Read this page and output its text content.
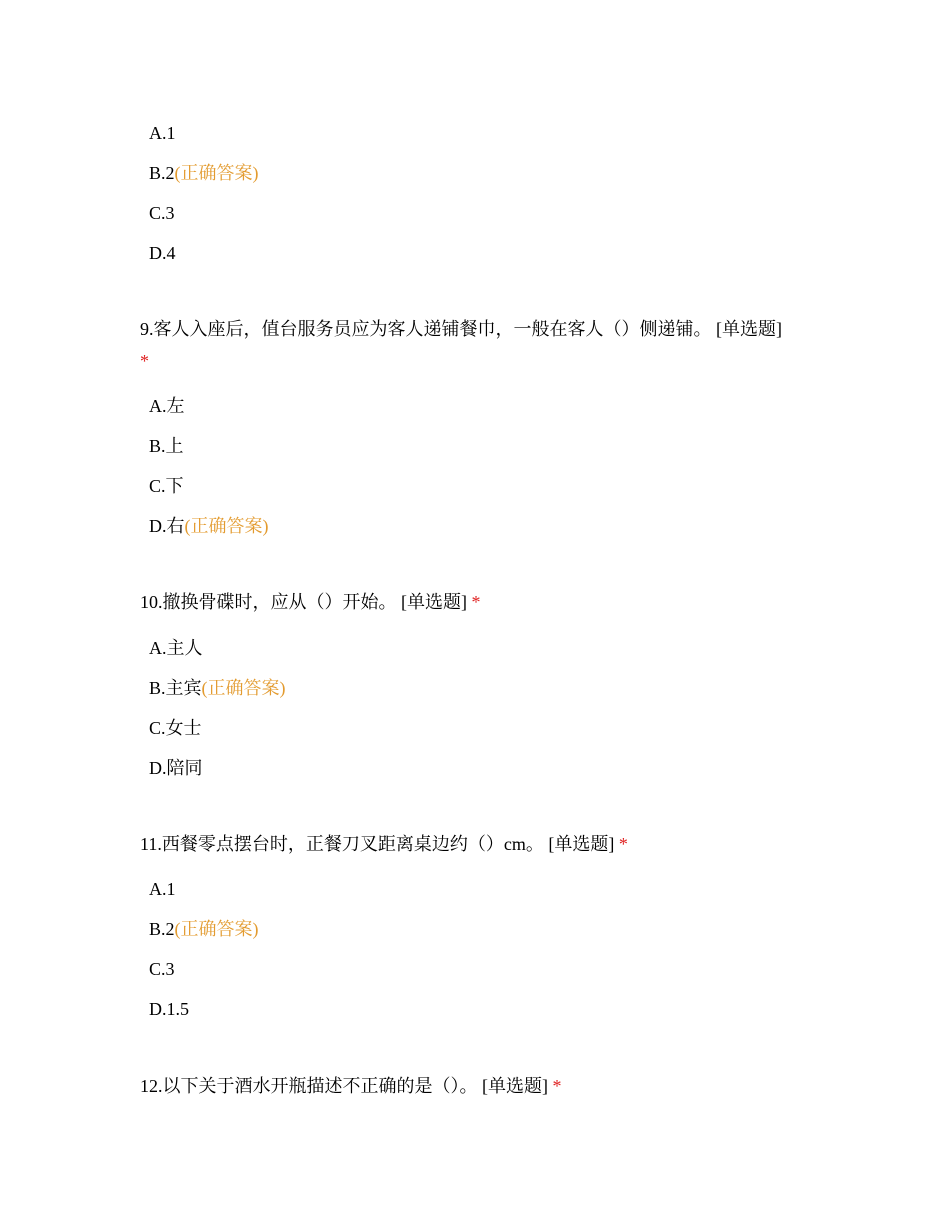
A.1
B.2(正确答案)
C.3
D.4
9.客人入座后，值台服务员应为客人递铺餐巾，一般在客人（）侧递铺。 [单选题]
*
A.左
B.上
C.下
D.右(正确答案)
10.撤换骨碟时，应从（）开始。 [单选题] *
A.主人
B.主宾(正确答案)
C.女士
D.陪同
11.西餐零点摆台时，正餐刀叉距离桌边约（）cm。 [单选题] *
A.1
B.2(正确答案)
C.3
D.1.5
12.以下关于酒水开瓶描述不正确的是（）。 [单选题] *
